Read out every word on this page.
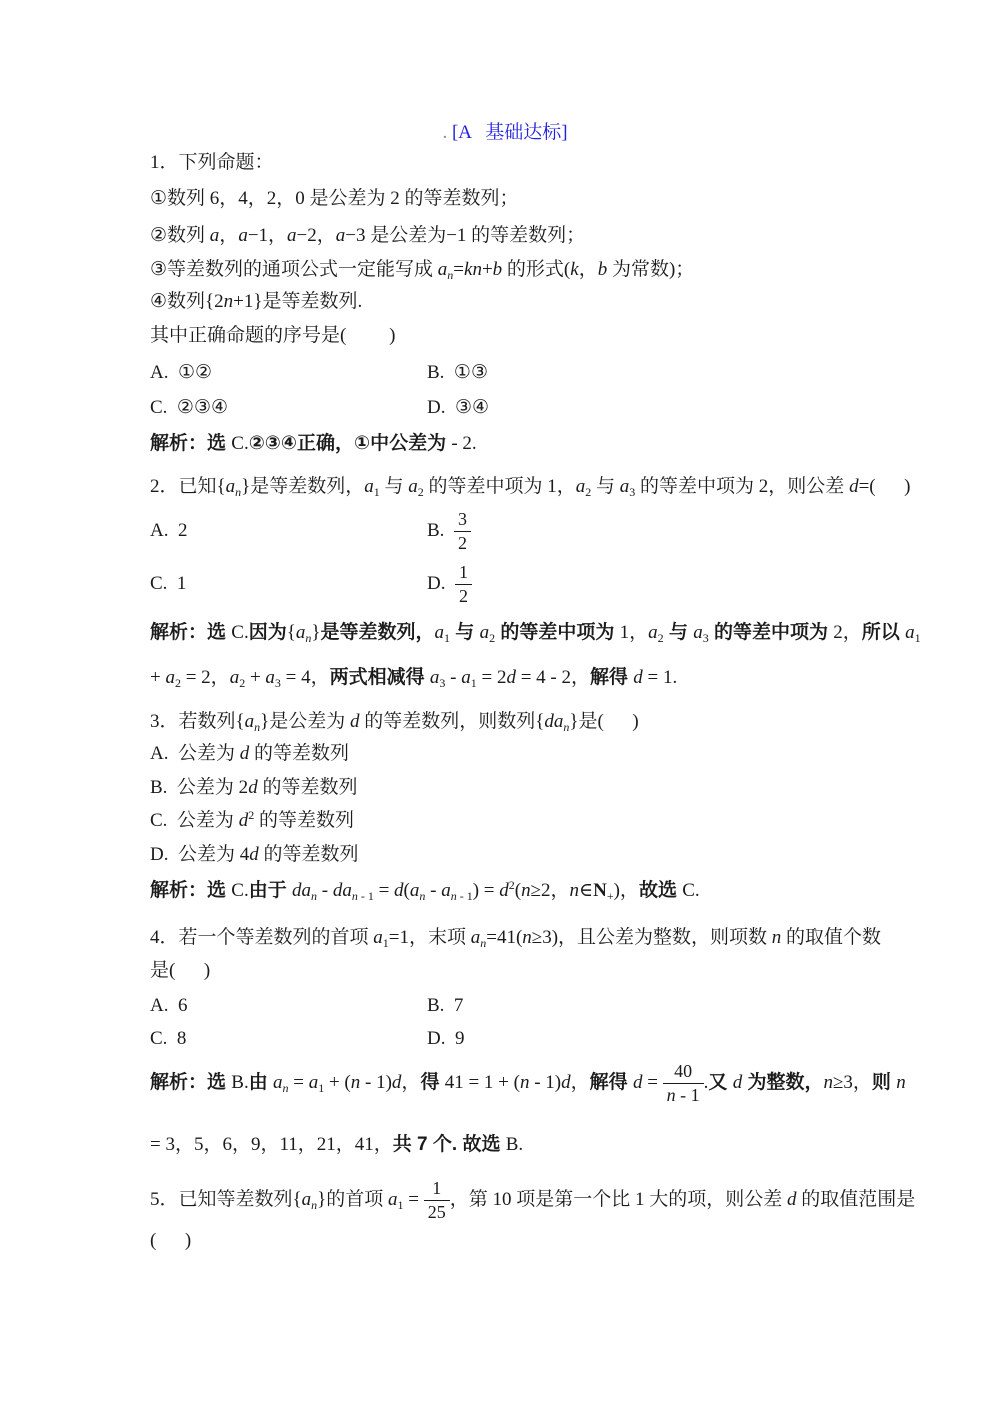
. [A   基础达标]
1．下列命题：
①数列 6，4，2，0 是公差为 2 的等差数列；
②数列 a，a−1，a−2，a−3 是公差为−1 的等差数列；
③等差数列的通项公式一定能写成 $a_n=kn+b$ 的形式(k，b 为常数)；
④数列{2n+1}是等差数列.
其中正确命题的序号是(         )
A.  ①②	B.  ①③
C.  ②③④	D.  ③④
解析：选 C.②③④正确，①中公差为 - 2.
2．已知$\{a_n\}$是等差数列，$a_1$ 与 $a_2$ 的等差中项为 1，$a_2$ 与 $a_3$ 的等差中项为 2，则公差 d=(      )
A.  2	B. $\frac{3}{2}$
C.  1	D. $\frac{1}{2}$
解析：选 C.因为$\{a_n\}$是等差数列，$a_1$ 与 $a_2$ 的等差中项为 1，$a_2$ 与 $a_3$ 的等差中项为 2，所以 $a_1$
+ $a_2 = 2$，$a_2 + a_3 = 4$，两式相减得 $a_3 - a_1 = 2d = 4 - 2$，解得 d = 1.
3．若数列$\{a_n\}$是公差为 d 的等差数列，则数列$\{da_n\}$是(      )
A.  公差为 d 的等差数列
B.  公差为 2d 的等差数列
C.  公差为 $d^2$ 的等差数列
D.  公差为 4d 的等差数列
解析：选 C.由于 $da_n - da_n$ $_{- 1} = d(a_n - a_n$ $_{- 1}) = d^2(n\ge 2$，$n\in N_+$)，故选 C.
4．若一个等差数列的首项 $a_1=1$，末项 $a_n=41(n\ge 3)$，且公差为整数，则项数 n 的取值个数
是(      )
A.  6	B.  7
C.  8	D.  9
解析：选 B.由 $a_n = a_1 + (n - 1)d$，得 41 = 1 + (n - 1)d，解得 $d = \frac{40}{n - 1}$ .又 d 为整数，n≥3，则 n
= 3，5，6，9，11，21，41，共 7 个. 故选 B.
5．已知等差数列$\{a_n\}$的首项 $a_1 = \frac{1}{25}$ ，第 10 项是第一个比 1 大的项，则公差 d 的取值范围是
(      )
